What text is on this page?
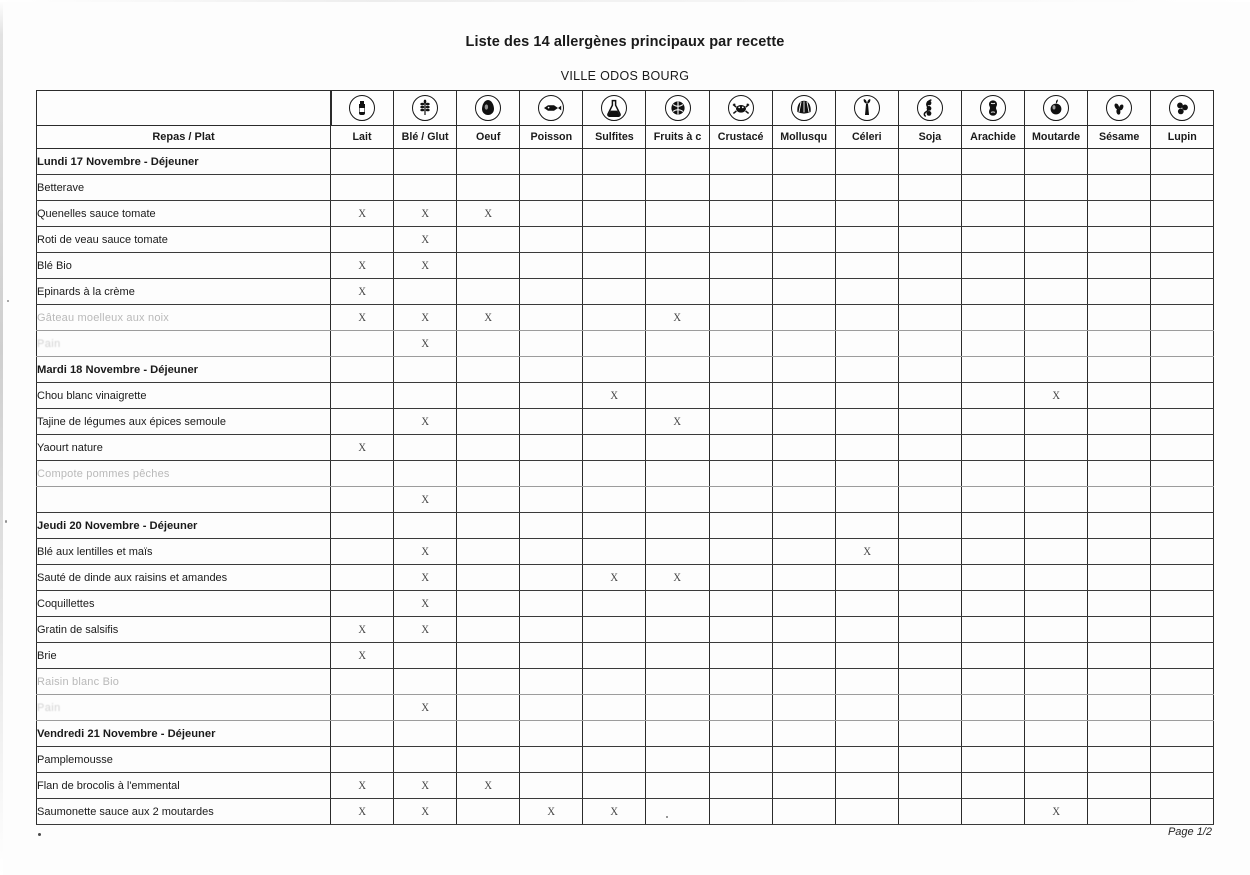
Liste des 14 allergènes principaux par recette
VILLE ODOS BOURG

Repas / Plat	Lait	Blé / Glut	Oeuf	Poisson	Sulfites	Fruits à c	Crustacé	Mollusqu	Céleri	Soja	Arachide	Moutarde	Sésame	Lupin
Lundi 17 Novembre - Déjeuner														
Betterave														
Quenelles sauce tomate	X	X	X											
Roti de veau sauce tomate		X												
Blé Bio	X	X												
Epinards à la crème	X													
Gâteau moelleux aux noix	X	X	X			X								
Pain		X												
Mardi 18 Novembre - Déjeuner														
Chou blanc vinaigrette					X							X		
Tajine de légumes aux épices semoule		X				X								
Yaourt nature	X													
Compote pommes pêches														
		X												
Jeudi 20 Novembre - Déjeuner														
Blé aux lentilles et maïs		X							X					
Sauté de dinde aux raisins et amandes		X			X	X								
Coquillettes		X												
Gratin de salsifis	X	X												
Brie	X													
Raisin blanc Bio														
Pain		X												
Vendredi 21 Novembre - Déjeuner														
Pamplemousse														
Flan de brocolis à l'emmental	X	X	X											
Saumonette sauce aux 2 moutardes	X	X		X	X							X		
Page 1/2
